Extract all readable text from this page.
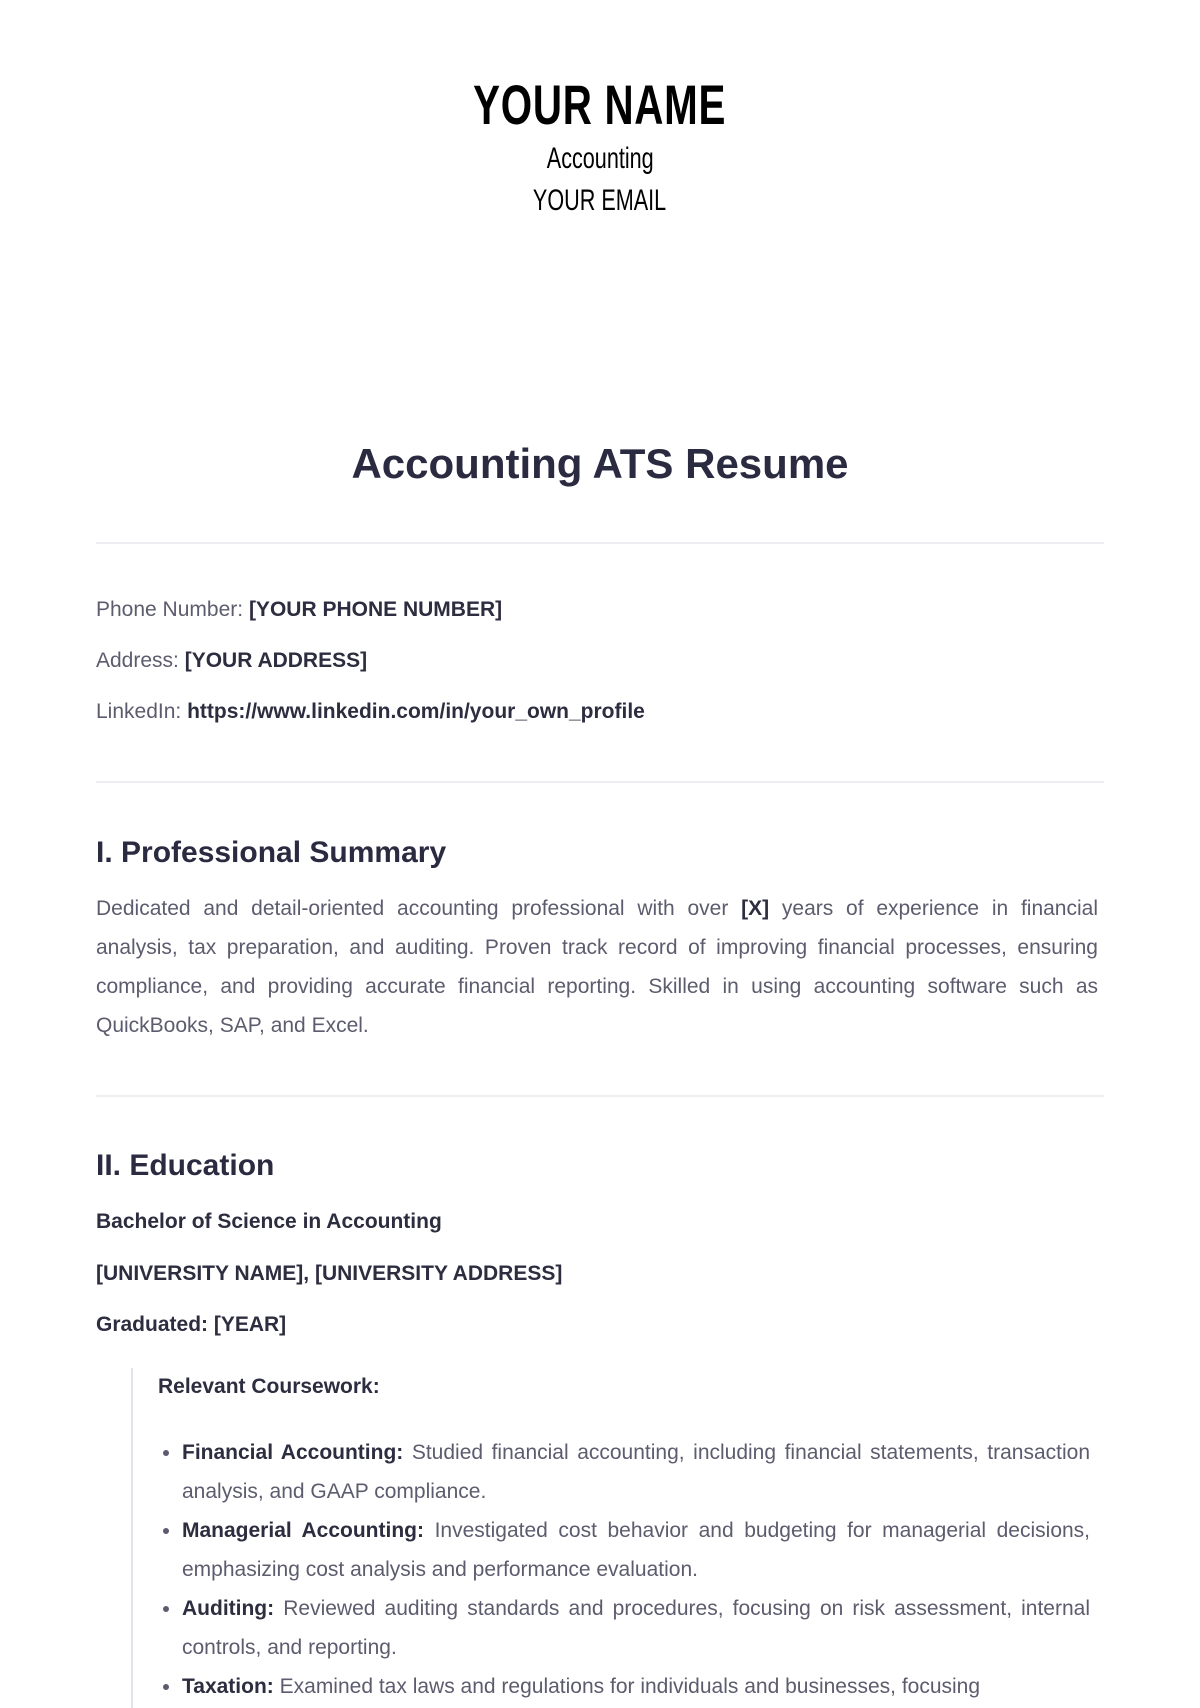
YOUR NAME
Accounting
YOUR EMAIL
Accounting ATS Resume
Phone Number: [YOUR PHONE NUMBER]
Address: [YOUR ADDRESS]
LinkedIn: https://www.linkedin.com/in/your_own_profile
I. Professional Summary
Dedicated and detail-oriented accounting professional with over [X] years of experience in financial analysis, tax preparation, and auditing. Proven track record of improving financial processes, ensuring compliance, and providing accurate financial reporting. Skilled in using accounting software such as QuickBooks, SAP, and Excel.
II. Education
Bachelor of Science in Accounting
[UNIVERSITY NAME], [UNIVERSITY ADDRESS]
Graduated: [YEAR]
Relevant Coursework:
• Financial Accounting: Studied financial accounting, including financial statements, transaction analysis, and GAAP compliance.
• Managerial Accounting: Investigated cost behavior and budgeting for managerial decisions, emphasizing cost analysis and performance evaluation.
• Auditing: Reviewed auditing standards and procedures, focusing on risk assessment, internal controls, and reporting.
• Taxation: Examined tax laws and regulations for individuals and businesses, focusing
